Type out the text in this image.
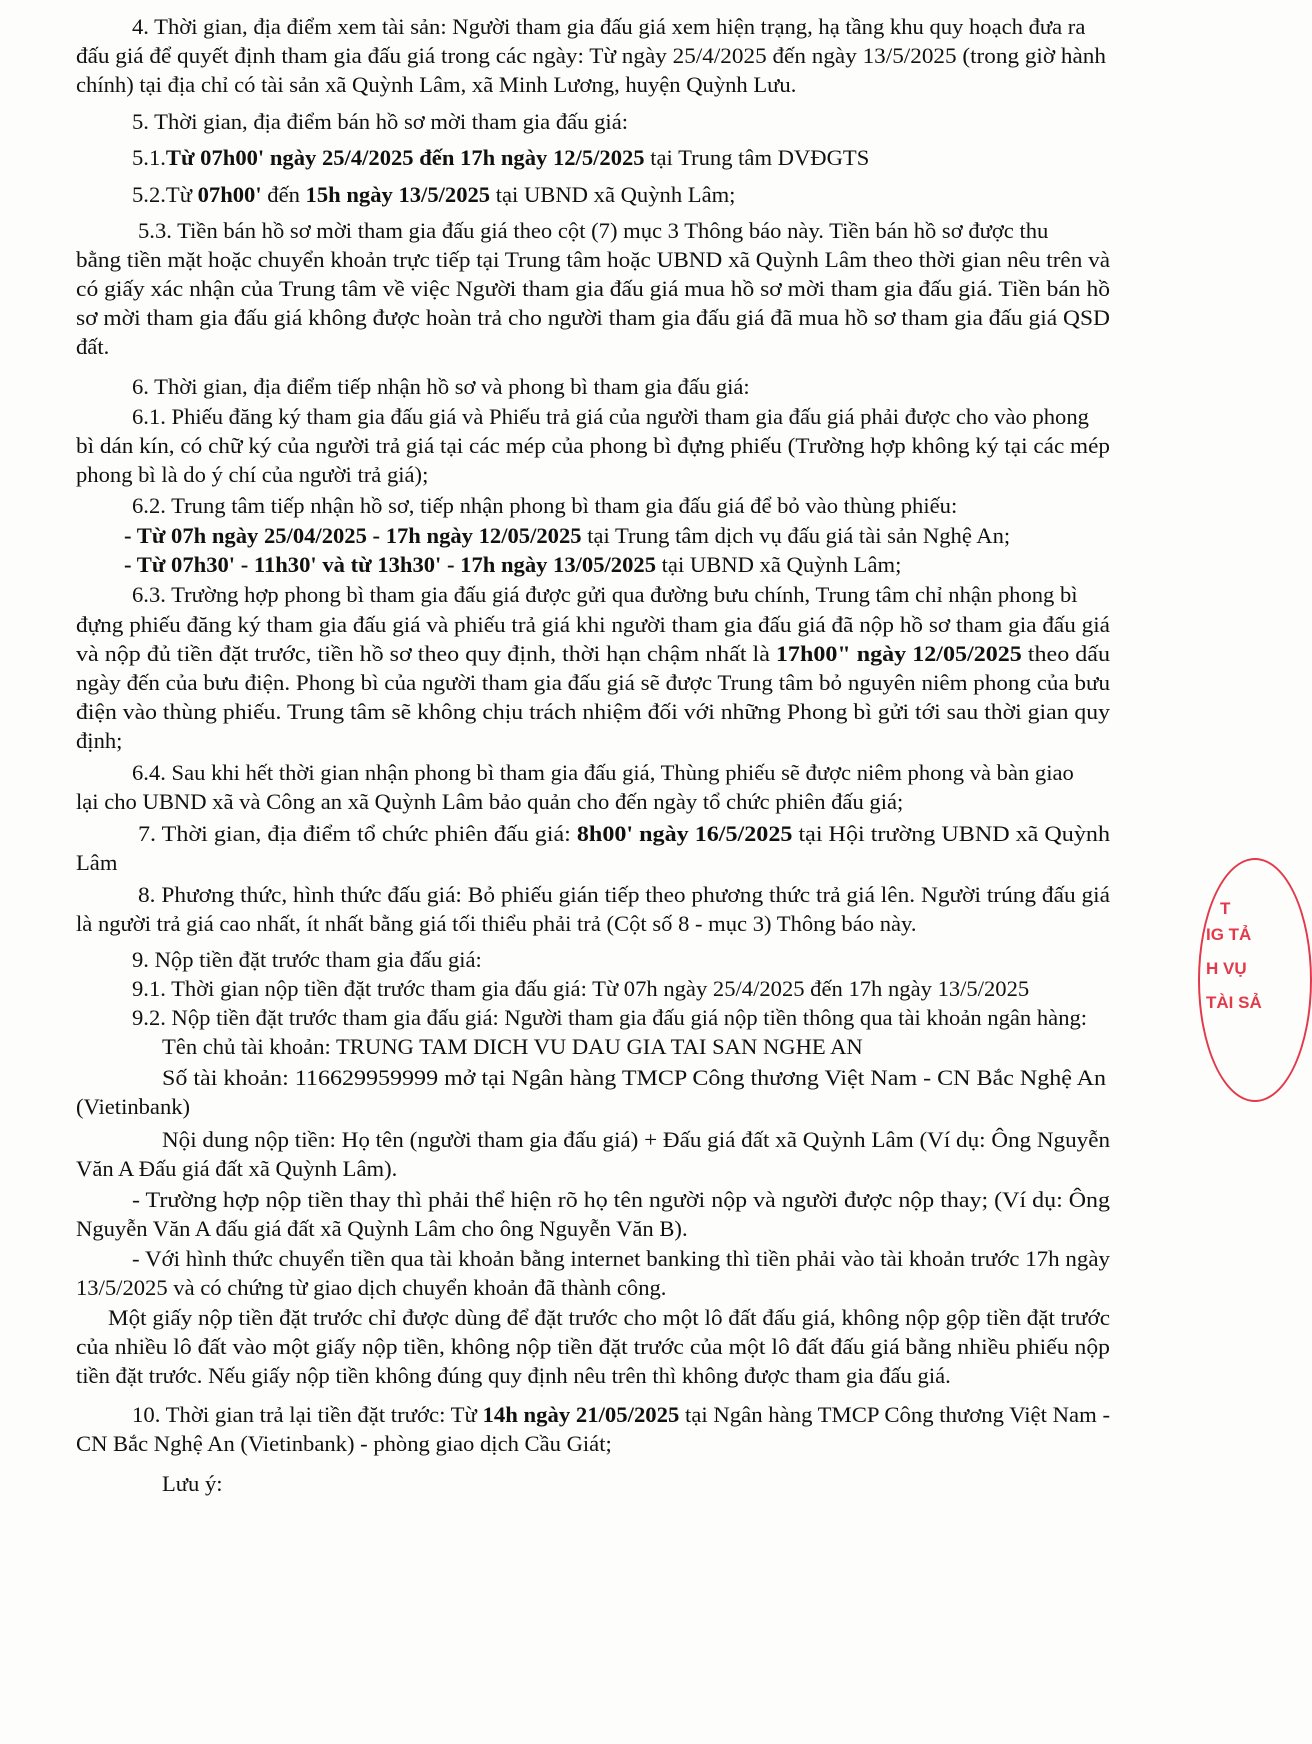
4. Thời gian, địa điểm xem tài sản: Người tham gia đấu giá xem hiện trạng, hạ tầng khu quy hoạch đưa ra
đấu giá để quyết định tham gia đấu giá trong các ngày: Từ ngày 25/4/2025 đến ngày 13/5/2025 (trong giờ hành
chính) tại địa chỉ có tài sản xã Quỳnh Lâm, xã Minh Lương, huyện Quỳnh Lưu.
5. Thời gian, địa điểm bán hồ sơ mời tham gia đấu giá:
5.1.Từ 07h00' ngày 25/4/2025 đến 17h ngày 12/5/2025 tại Trung tâm DVĐGTS
5.2.Từ 07h00' đến 15h ngày 13/5/2025 tại UBND xã Quỳnh Lâm;
5.3. Tiền bán hồ sơ mời tham gia đấu giá theo cột (7) mục 3 Thông báo này. Tiền bán hồ sơ được thu
bằng tiền mặt hoặc chuyển khoản trực tiếp tại Trung tâm hoặc UBND xã Quỳnh Lâm theo thời gian nêu trên và
có giấy xác nhận của Trung tâm về việc Người tham gia đấu giá mua hồ sơ mời tham gia đấu giá. Tiền bán hồ
sơ mời tham gia đấu giá không được hoàn trả cho người tham gia đấu giá đã mua hồ sơ tham gia đấu giá QSD
đất.
6. Thời gian, địa điểm tiếp nhận hồ sơ và phong bì tham gia đấu giá:
6.1. Phiếu đăng ký tham gia đấu giá và Phiếu trả giá của người tham gia đấu giá phải được cho vào phong
bì dán kín, có chữ ký của người trả giá tại các mép của phong bì đựng phiếu (Trường hợp không ký tại các mép
phong bì là do ý chí của người trả giá);
6.2. Trung tâm tiếp nhận hồ sơ, tiếp nhận phong bì tham gia đấu giá để bỏ vào thùng phiếu:
- Từ 07h ngày 25/04/2025 - 17h ngày 12/05/2025 tại Trung tâm dịch vụ đấu giá tài sản Nghệ An;
- Từ 07h30' - 11h30' và từ 13h30' - 17h ngày 13/05/2025 tại UBND xã Quỳnh Lâm;
6.3. Trường hợp phong bì tham gia đấu giá được gửi qua đường bưu chính, Trung tâm chỉ nhận phong bì
đựng phiếu đăng ký tham gia đấu giá và phiếu trả giá khi người tham gia đấu giá đã nộp hồ sơ tham gia đấu giá
và nộp đủ tiền đặt trước, tiền hồ sơ theo quy định, thời hạn chậm nhất là 17h00" ngày 12/05/2025 theo dấu
ngày đến của bưu điện. Phong bì của người tham gia đấu giá sẽ được Trung tâm bỏ nguyên niêm phong của bưu
điện vào thùng phiếu. Trung tâm sẽ không chịu trách nhiệm đối với những Phong bì gửi tới sau thời gian quy
định;
6.4. Sau khi hết thời gian nhận phong bì tham gia đấu giá, Thùng phiếu sẽ được niêm phong và bàn giao
lại cho UBND xã và Công an xã Quỳnh Lâm bảo quản cho đến ngày tổ chức phiên đấu giá;
7. Thời gian, địa điểm tổ chức phiên đấu giá: 8h00' ngày 16/5/2025 tại Hội trường UBND xã Quỳnh
Lâm
8. Phương thức, hình thức đấu giá: Bỏ phiếu gián tiếp theo phương thức trả giá lên. Người trúng đấu giá
là người trả giá cao nhất, ít nhất bằng giá tối thiểu phải trả (Cột số 8 - mục 3) Thông báo này.
9. Nộp tiền đặt trước tham gia đấu giá:
9.1. Thời gian nộp tiền đặt trước tham gia đấu giá: Từ 07h ngày 25/4/2025 đến 17h ngày 13/5/2025
9.2. Nộp tiền đặt trước tham gia đấu giá: Người tham gia đấu giá nộp tiền thông qua tài khoản ngân hàng:
Tên chủ tài khoản: TRUNG TAM DICH VU DAU GIA TAI SAN NGHE AN
Số tài khoản: 116629959999 mở tại Ngân hàng TMCP Công thương Việt Nam - CN Bắc Nghệ An
(Vietinbank)
Nội dung nộp tiền: Họ tên (người tham gia đấu giá) + Đấu giá đất xã Quỳnh Lâm (Ví dụ: Ông Nguyễn
Văn A Đấu giá đất xã Quỳnh Lâm).
- Trường hợp nộp tiền thay thì phải thể hiện rõ họ tên người nộp và người được nộp thay; (Ví dụ: Ông
Nguyễn Văn A đấu giá đất xã Quỳnh Lâm cho ông Nguyễn Văn B).
- Với hình thức chuyển tiền qua tài khoản bằng internet banking thì tiền phải vào tài khoản trước 17h ngày
13/5/2025 và có chứng từ giao dịch chuyển khoản đã thành công.
Một giấy nộp tiền đặt trước chỉ được dùng để đặt trước cho một lô đất đấu giá, không nộp gộp tiền đặt trước
của nhiều lô đất vào một giấy nộp tiền, không nộp tiền đặt trước của một lô đất đấu giá bằng nhiều phiếu nộp
tiền đặt trước. Nếu giấy nộp tiền không đúng quy định nêu trên thì không được tham gia đấu giá.
10. Thời gian trả lại tiền đặt trước: Từ 14h ngày 21/05/2025 tại Ngân hàng TMCP Công thương Việt Nam -
CN Bắc Nghệ An (Vietinbank) - phòng giao dịch Cầu Giát;
Lưu ý:
T
IG TẢ
H VỤ
TÀI SẢ
